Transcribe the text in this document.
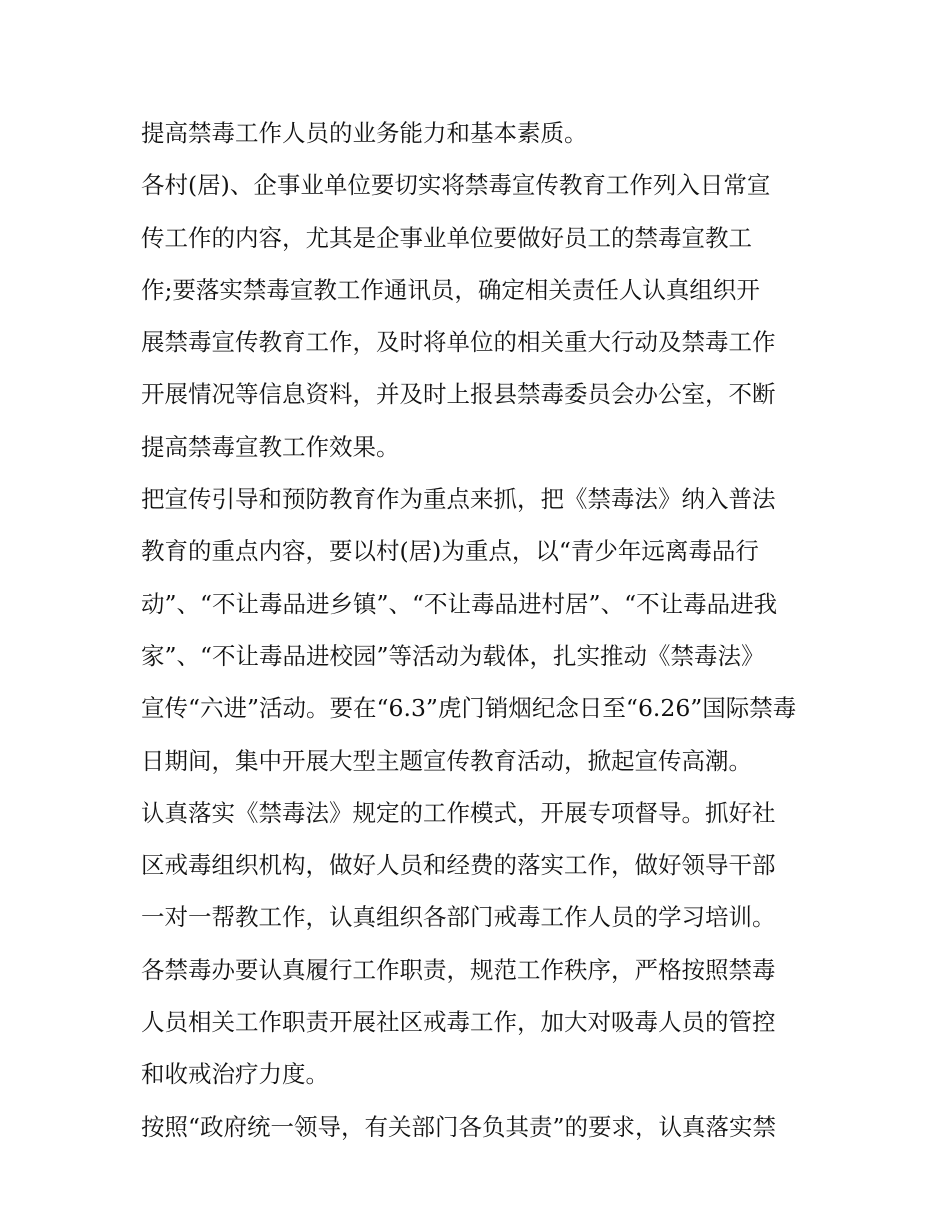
提高禁毒工作人员的业务能力和基本素质。
各村(居)、企事业单位要切实将禁毒宣传教育工作列入日常宣
传工作的内容，尤其是企事业单位要做好员工的禁毒宣教工
作;要落实禁毒宣教工作通讯员，确定相关责任人认真组织开
展禁毒宣传教育工作，及时将单位的相关重大行动及禁毒工作
开展情况等信息资料，并及时上报县禁毒委员会办公室，不断
提高禁毒宣教工作效果。
把宣传引导和预防教育作为重点来抓，把《禁毒法》纳入普法
教育的重点内容，要以村(居)为重点，以“青少年远离毒品行
动”、“不让毒品进乡镇”、“不让毒品进村居”、“不让毒品进我
家”、“不让毒品进校园”等活动为载体，扎实推动《禁毒法》
宣传“六进”活动。要在“6.3”虎门销烟纪念日至“6.26”国际禁毒
日期间，集中开展大型主题宣传教育活动，掀起宣传高潮。
认真落实《禁毒法》规定的工作模式，开展专项督导。抓好社
区戒毒组织机构，做好人员和经费的落实工作，做好领导干部
一对一帮教工作，认真组织各部门戒毒工作人员的学习培训。
各禁毒办要认真履行工作职责，规范工作秩序，严格按照禁毒
人员相关工作职责开展社区戒毒工作，加大对吸毒人员的管控
和收戒治疗力度。
按照“政府统一领导，有关部门各负其责”的要求，认真落实禁
